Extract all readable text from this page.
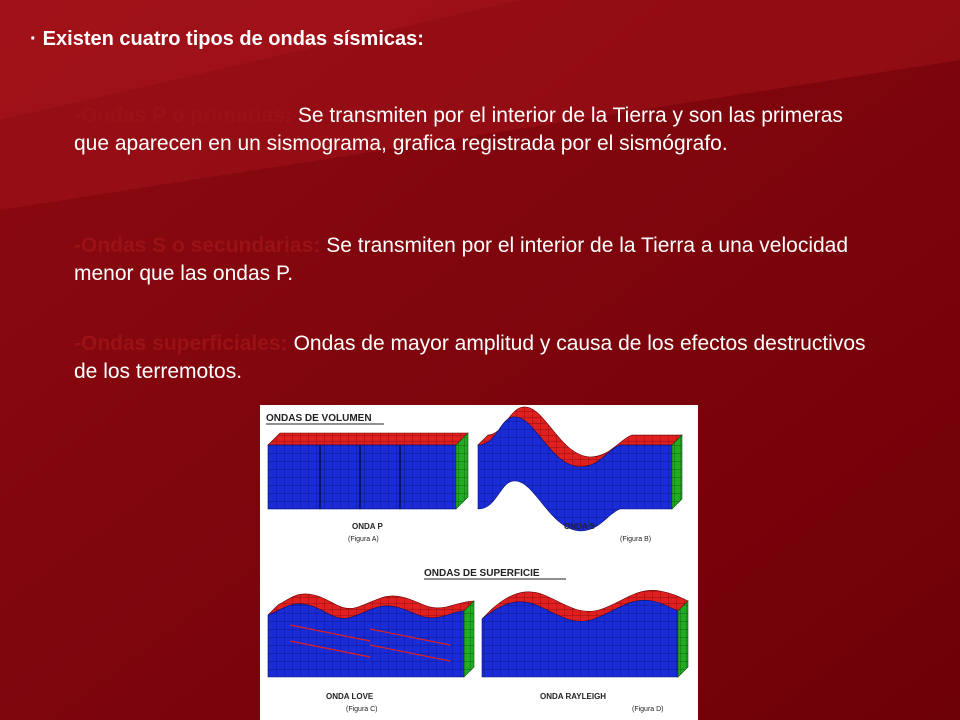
· Existen cuatro tipos de ondas sísmicas:
-Ondas P o primarias: Se transmiten por el interior de la Tierra y son las primeras que aparecen en un sismograma, grafica registrada por el sismógrafo.
-Ondas S o secundarias: Se transmiten por el interior de la Tierra a una velocidad menor que las ondas P.
-Ondas superficiales: Ondas de mayor amplitud y causa de los efectos destructivos de los terremotos.
ONDAS DE VOLUMEN
ONDAS DE SUPERFICIE
ONDA P
(Figura A)
ONDA S
(Figura B)
ONDA LOVE
(Figura C)
ONDA RAYLEIGH
(Figura D)
